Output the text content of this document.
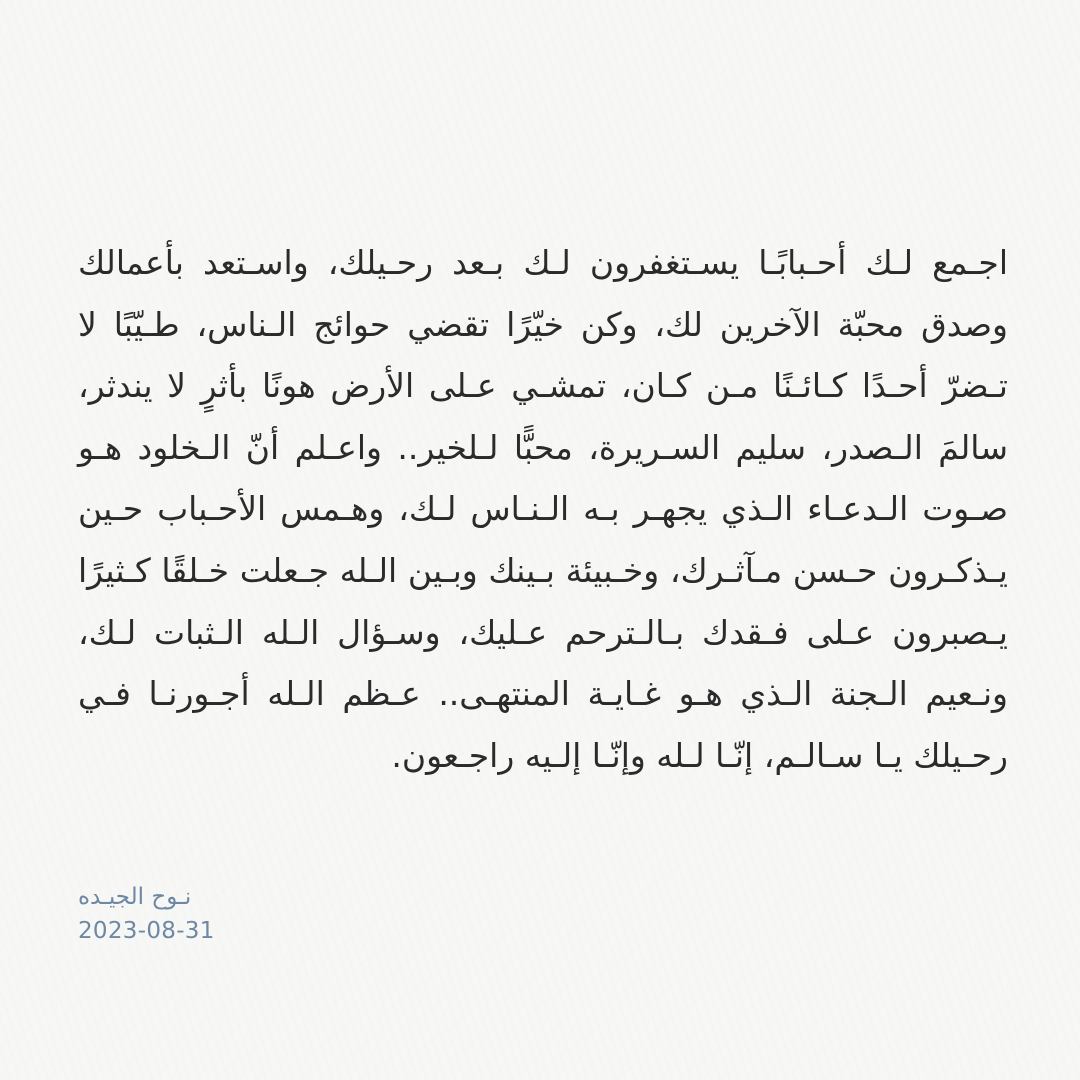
اجـمع لـك أحـبابًـا يسـتغفرون لـك بـعد رحـيلك، واسـتعد بأعمالك وصدق محبّة الآخرين لك، وكن خيّرًا تقضي حوائج الـناس، طـيّبًا لا تـضرّ أحـدًا كـائـنًا مـن كـان، تمشـي عـلى الأرض هونًا بأثرٍ لا يندثر، سالمَ الـصدر، سليم السـريرة، محبًّا لـلخير.. واعـلم أنّ الـخلود هـو صـوت الـدعـاء الـذي يجهـر بـه الـنـاس لـك، وهـمس الأحـباب حـين يـذكـرون حـسن مـآثـرك، وخـبيئة بـينك وبـين الـله جـعلت خـلقًا كـثيرًا يـصبرون عـلى فـقدك بـالـترحم عـليك، وسـؤال الـله الـثبات لـك، ونـعيم الـجنة الـذي هـو غـايـة المنتهـى.. عـظم الـله أجـورنـا فـي رحـيلك يـا سـالـم، إنّـا لـله وإنّـا إلـيه راجـعون.
نـوح الجيـده
2023-08-31
